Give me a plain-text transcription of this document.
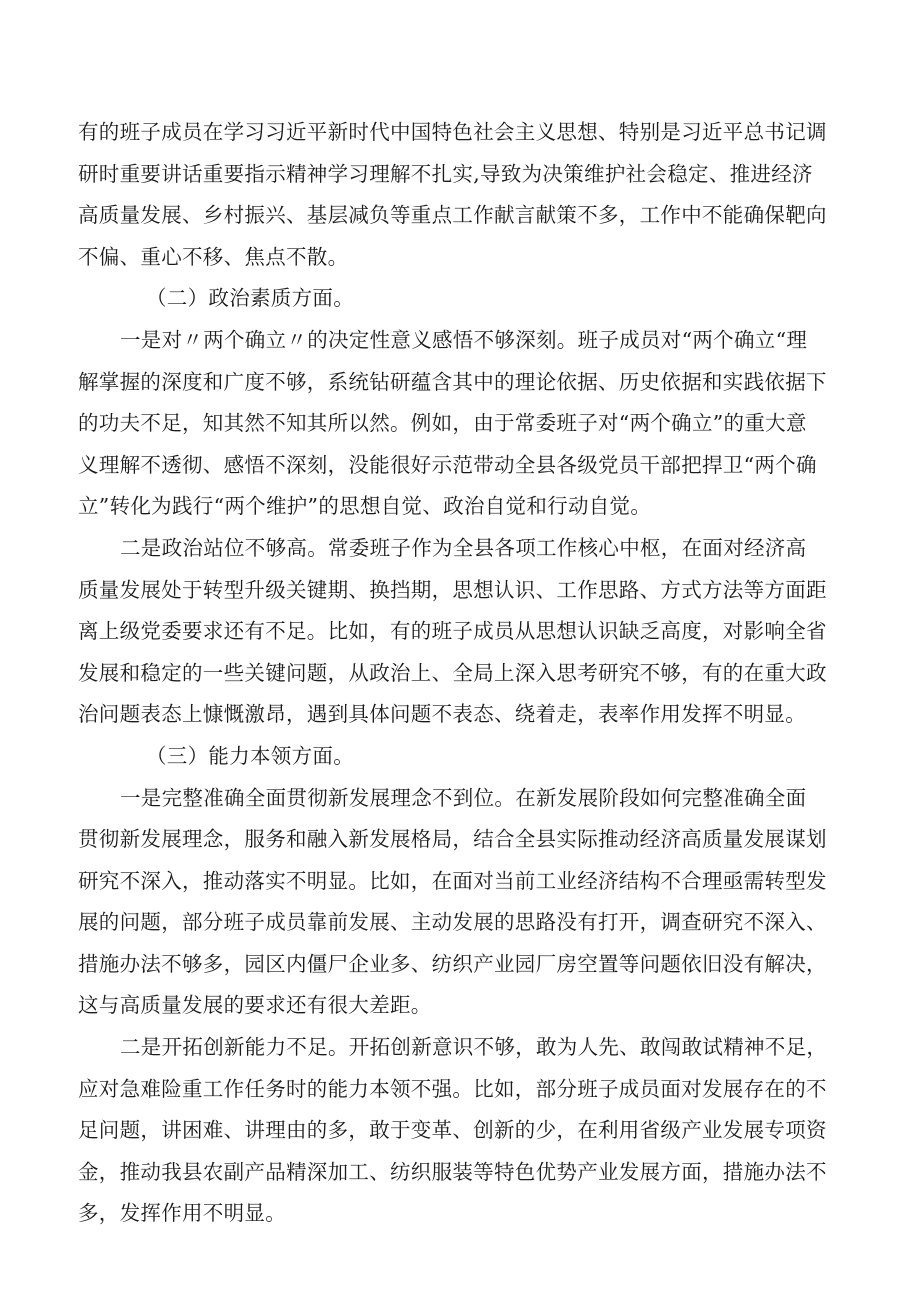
有的班子成员在学习习近平新时代中国特色社会主义思想、特别是习近平总书记调
研时重要讲话重要指示精神学习理解不扎实,导致为决策维护社会稳定、推进经济
高质量发展、乡村振兴、基层减负等重点工作献言献策不多，工作中不能确保靶向
不偏、重心不移、焦点不散。
（二）政治素质方面。
一是对〃两个确立〃的决定性意义感悟不够深刻。班子成员对“两个确立“理
解掌握的深度和广度不够，系统钻研蕴含其中的理论依据、历史依据和实践依据下
的功夫不足，知其然不知其所以然。例如，由于常委班子对“两个确立”的重大意
义理解不透彻、感悟不深刻，没能很好示范带动全县各级党员干部把捍卫“两个确
立”转化为践行“两个维护”的思想自觉、政治自觉和行动自觉。
二是政治站位不够高。常委班子作为全县各项工作核心中枢，在面对经济高
质量发展处于转型升级关键期、换挡期，思想认识、工作思路、方式方法等方面距
离上级党委要求还有不足。比如，有的班子成员从思想认识缺乏高度，对影响全省
发展和稳定的一些关键问题，从政治上、全局上深入思考研究不够，有的在重大政
治问题表态上慷慨激昂，遇到具体问题不表态、绕着走，表率作用发挥不明显。
（三）能力本领方面。
一是完整准确全面贯彻新发展理念不到位。在新发展阶段如何完整准确全面
贯彻新发展理念，服务和融入新发展格局，结合全县实际推动经济高质量发展谋划
研究不深入，推动落实不明显。比如，在面对当前工业经济结构不合理亟需转型发
展的问题，部分班子成员靠前发展、主动发展的思路没有打开，调查研究不深入、
措施办法不够多，园区内僵尸企业多、纺织产业园厂房空置等问题依旧没有解决，
这与高质量发展的要求还有很大差距。
二是开拓创新能力不足。开拓创新意识不够，敢为人先、敢闯敢试精神不足，
应对急难险重工作任务时的能力本领不强。比如，部分班子成员面对发展存在的不
足问题，讲困难、讲理由的多，敢于变革、创新的少，在利用省级产业发展专项资
金，推动我县农副产品精深加工、纺织服装等特色优势产业发展方面，措施办法不
多，发挥作用不明显。
